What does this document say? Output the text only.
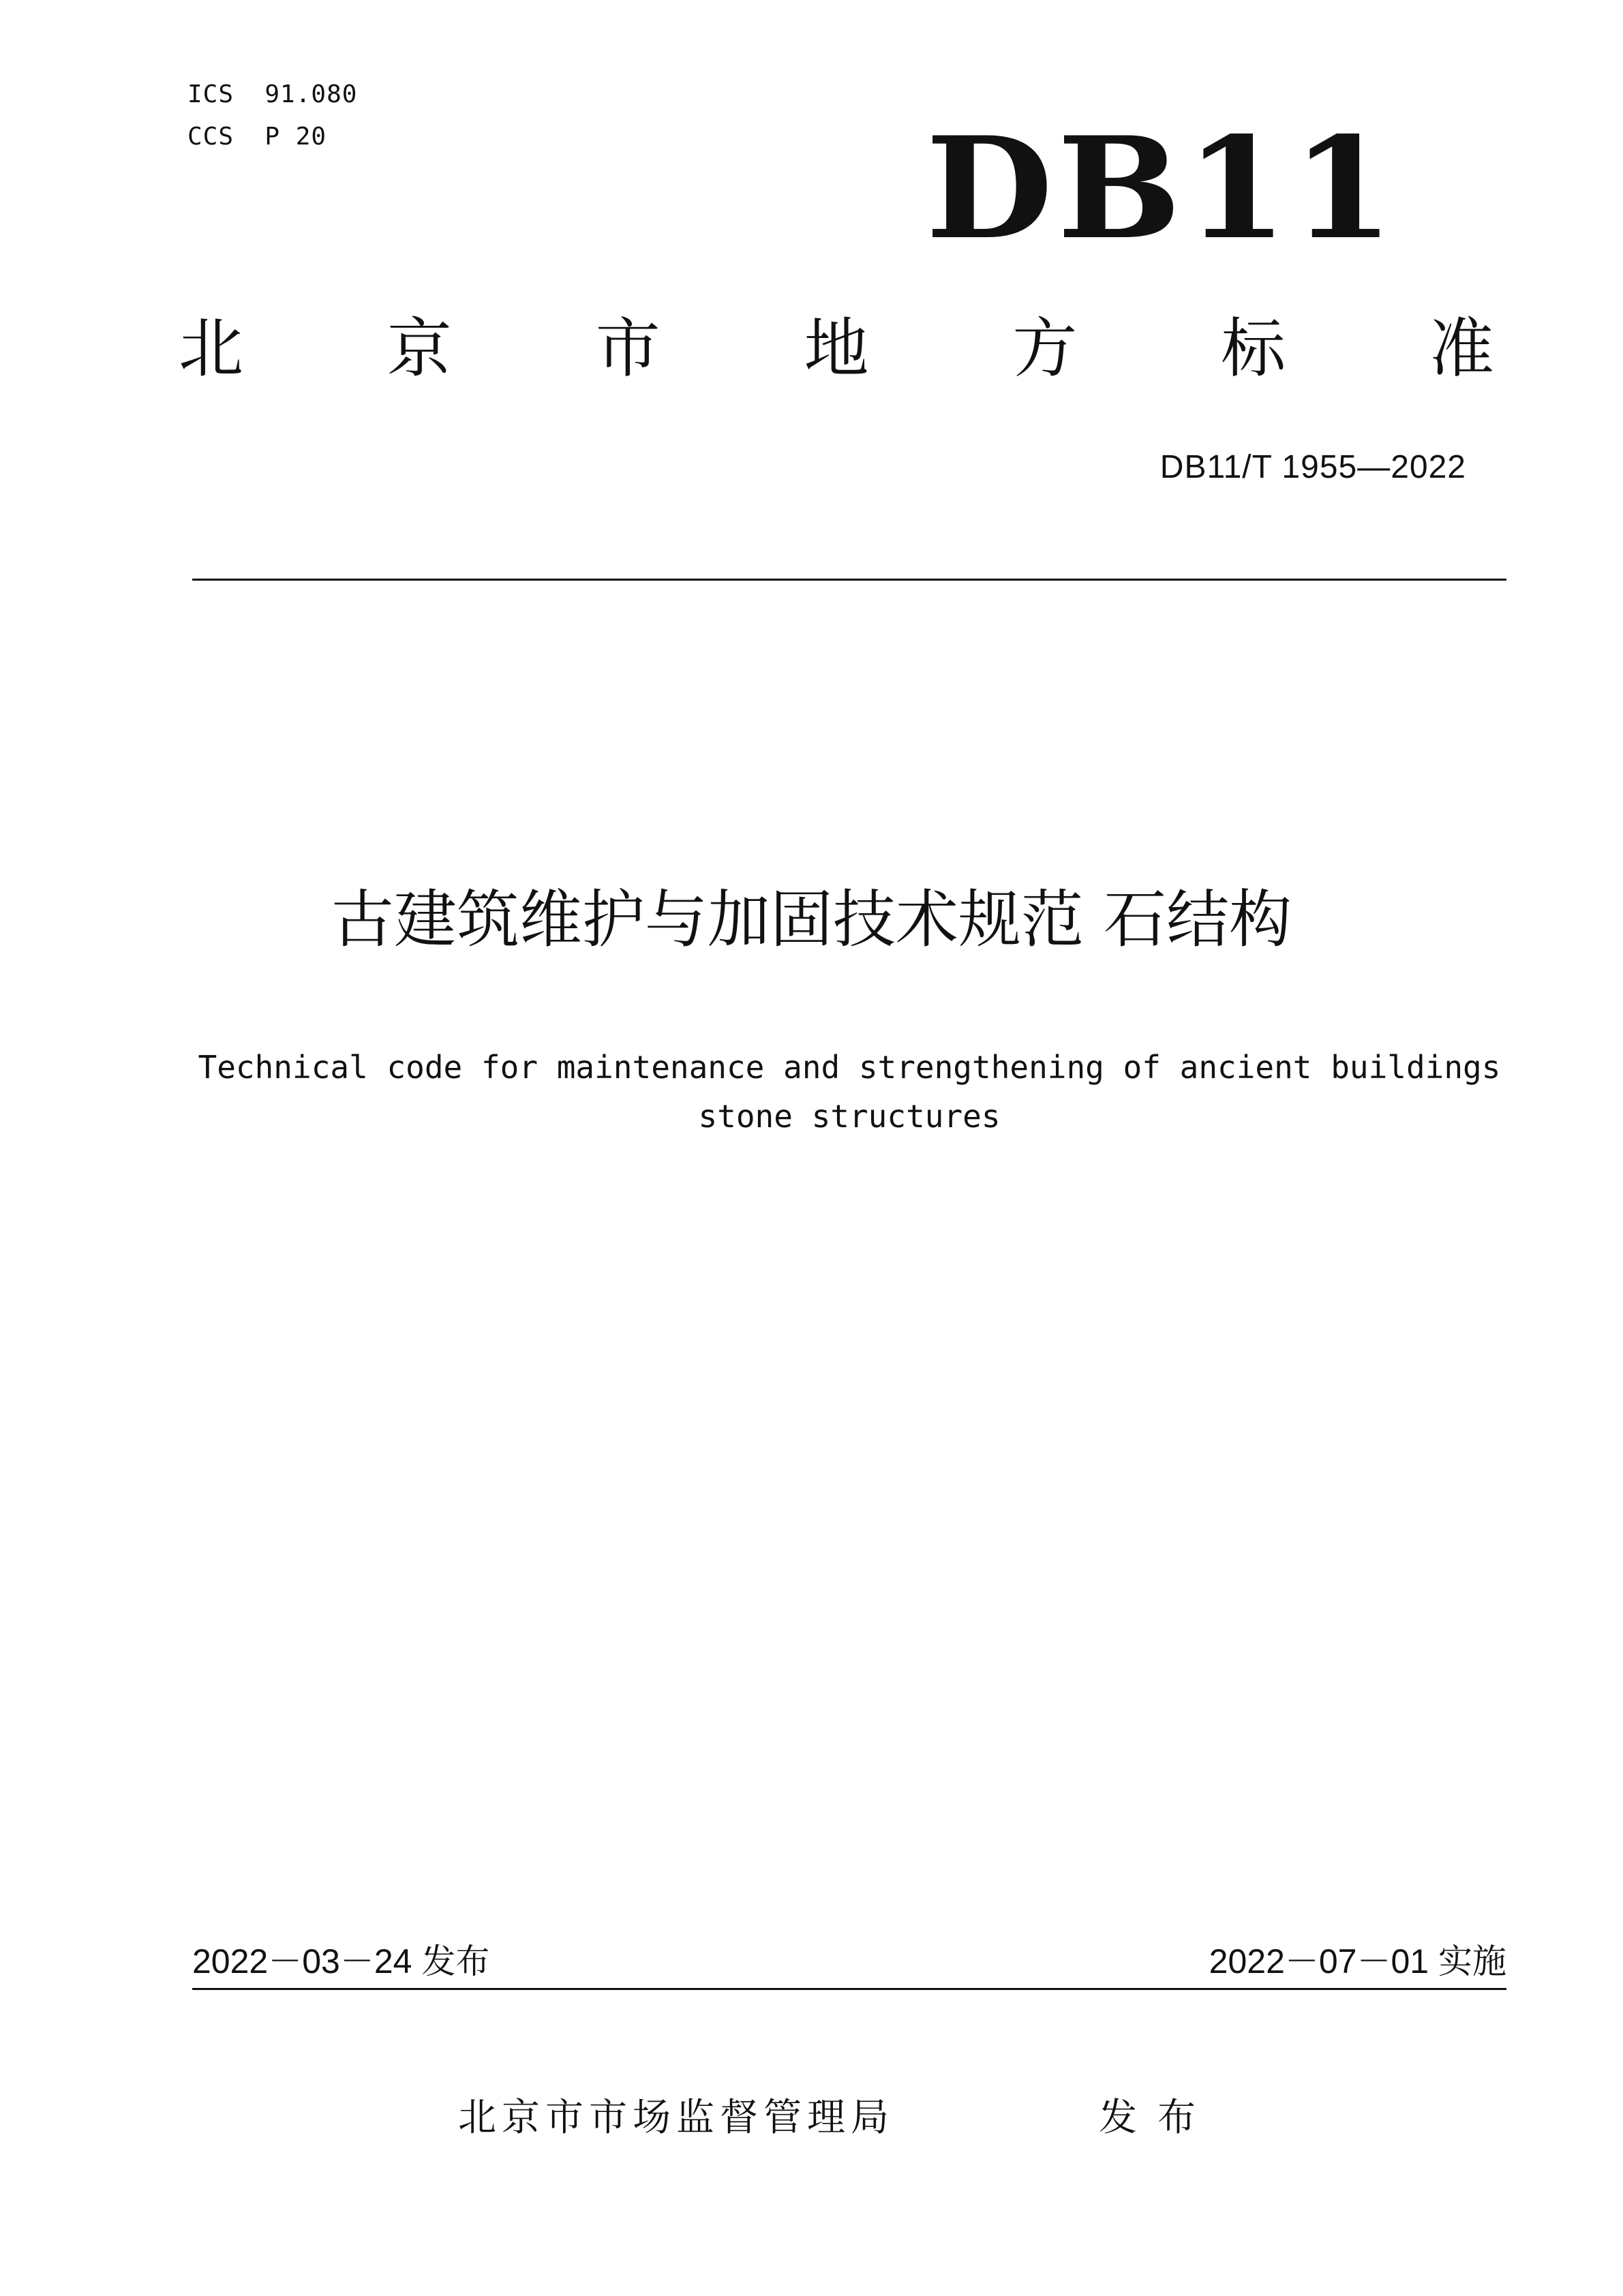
ICS  91.080
CCS  P 20	DB11
北 京 市 地 方 标 准
DB11/T 1955—2022
古建筑维护与加固技术规范 石结构
Technical code for maintenance and strengthening of ancient buildings
stone structures
2022－03－24 发布	2022－07－01 实施
北京市市场监督管理局	发布
